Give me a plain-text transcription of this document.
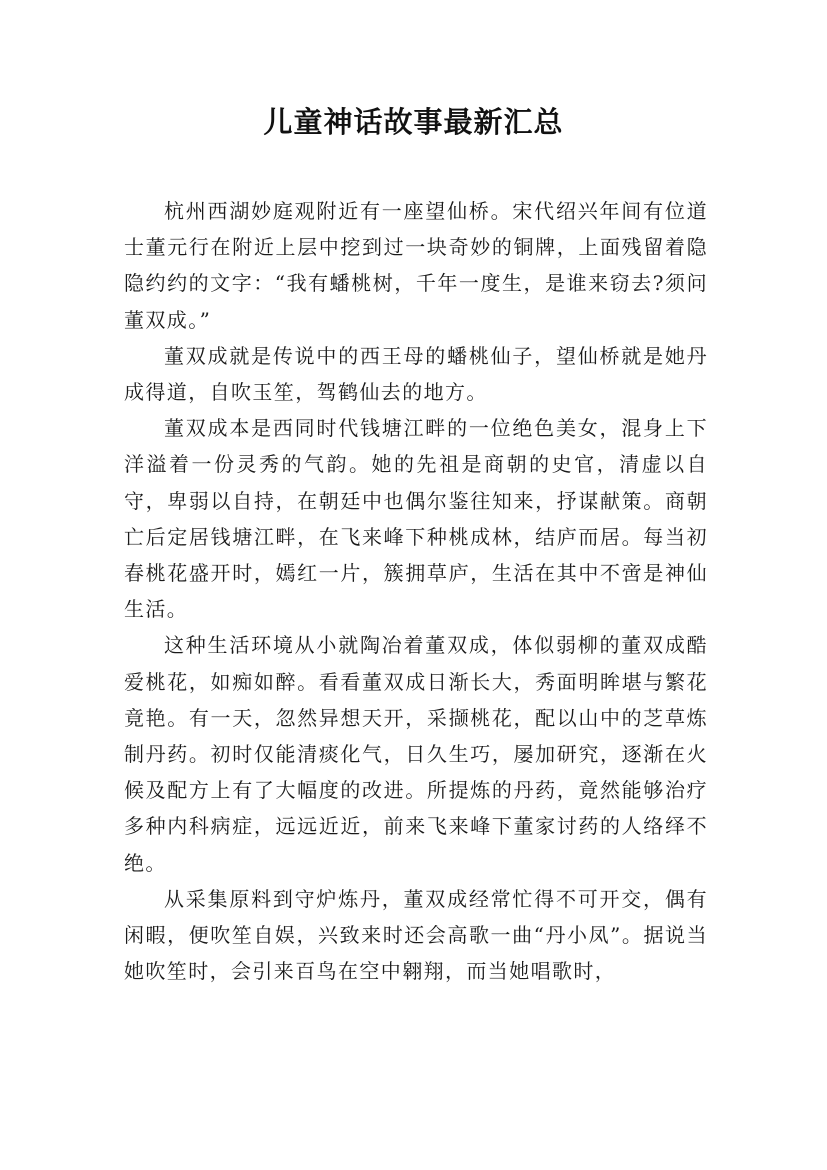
儿童神话故事最新汇总

杭州西湖妙庭观附近有一座望仙桥。宋代绍兴年间有位道士董元行在附近上层中挖到过一块奇妙的铜牌，上面残留着隐隐约约的文字：“我有蟠桃树，千年一度生，是谁来窃去?须问董双成。”

董双成就是传说中的西王母的蟠桃仙子，望仙桥就是她丹成得道，自吹玉笙，驾鹤仙去的地方。

董双成本是西同时代钱塘江畔的一位绝色美女，混身上下洋溢着一份灵秀的气韵。她的先祖是商朝的史官，清虚以自守，卑弱以自持，在朝廷中也偶尔鉴往知来，抒谋献策。商朝亡后定居钱塘江畔，在飞来峰下种桃成林，结庐而居。每当初春桃花盛开时，嫣红一片，簇拥草庐，生活在其中不啻是神仙生活。

这种生活环境从小就陶冶着董双成，体似弱柳的董双成酷爱桃花，如痴如醉。看看董双成日渐长大，秀面明眸堪与繁花竟艳。有一天，忽然异想天开，采撷桃花，配以山中的芝草炼制丹药。初时仅能清痰化气，日久生巧，屡加研究，逐渐在火候及配方上有了大幅度的改进。所提炼的丹药，竟然能够治疗多种内科病症，远远近近，前来飞来峰下董家讨药的人络绎不绝。

从采集原料到守炉炼丹，董双成经常忙得不可开交，偶有闲暇，便吹笙自娱，兴致来时还会高歌一曲“丹小凤”。据说当她吹笙时，会引来百鸟在空中翱翔，而当她唱歌时，
